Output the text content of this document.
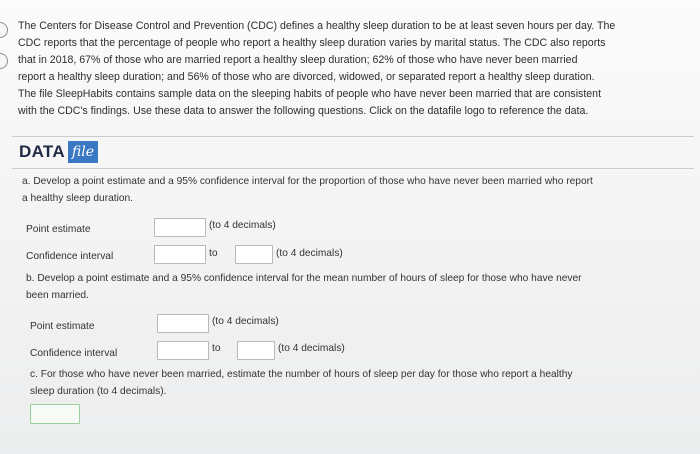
The Centers for Disease Control and Prevention (CDC) defines a healthy sleep duration to be at least seven hours per day. The
CDC reports that the percentage of people who report a healthy sleep duration varies by marital status. The CDC also reports
that in 2018, 67% of those who are married report a healthy sleep duration; 62% of those who have never been married
report a healthy sleep duration; and 56% of those who are divorced, widowed, or separated report a healthy sleep duration.
The file SleepHabits contains sample data on the sleeping habits of people who have never been married that are consistent
with the CDC's findings. Use these data to answer the following questions. Click on the datafile logo to reference the data.
DATA file
a. Develop a point estimate and a 95% confidence interval for the proportion of those who have never been married who report
a healthy sleep duration.
Point estimate	(to 4 decimals)
Confidence interval	to	(to 4 decimals)
b. Develop a point estimate and a 95% confidence interval for the mean number of hours of sleep for those who have never
been married.
Point estimate	(to 4 decimals)
Confidence interval	to	(to 4 decimals)
c. For those who have never been married, estimate the number of hours of sleep per day for those who report a healthy
sleep duration (to 4 decimals).
